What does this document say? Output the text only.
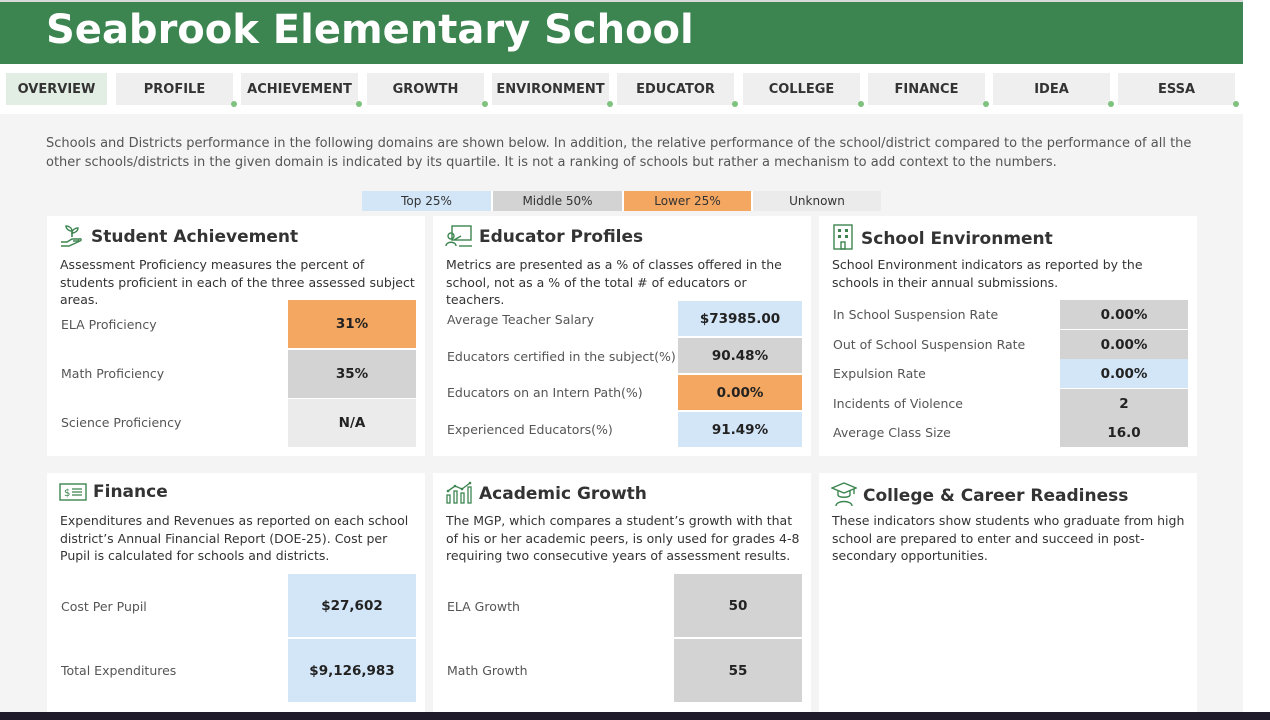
Seabrook Elementary School
OVERVIEW	PROFILE	ACHIEVEMENT	GROWTH	ENVIRONMENT EDUCATOR	COLLEGE	FINANCE	IDEA	ESSA
Schools and Districts performance in the following domains are shown below. In addition, the relative performance of the school/district compared to the performance of all the other schools/districts in the given domain is indicated by its quartile. It is not a ranking of schools but rather a mechanism to add context to the numbers.
Top 25%	Middle 50%	Lower 25%	Unknown
Student Achievement
Assessment Proficiency measures the percent of students proficient in each of the three assessed subject areas.
ELA Proficiency	31%
Math Proficiency	35%
Science Proficiency	N/A
Educator Profiles
Metrics are presented as a % of classes offered in the school, not as a % of the total # of educators or teachers.
Average Teacher Salary	$73985.00
Educators certified in the subject(%)	90.48%
Educators on an Intern Path(%)	0.00%
Experienced Educators(%)	91.49%
School Environment
School Environment indicators as reported by the schools in their annual submissions.
In School Suspension Rate	0.00%
Out of School Suspension Rate	0.00%
Expulsion Rate	0.00%
Incidents of Violence	2
Average Class Size	16.0
$ Finance
Expenditures and Revenues as reported on each school district’s Annual Financial Report (DOE-25). Cost per Pupil is calculated for schools and districts.
Cost Per Pupil	$27,602
Total Expenditures	$9,126,983
Academic Growth
The MGP, which compares a student’s growth with that of his or her academic peers, is only used for grades 4-8 requiring two consecutive years of assessment results.
ELA Growth	50
Math Growth	55
College & Career Readiness
These indicators show students who graduate from high school are prepared to enter and succeed in post-secondary opportunities.
